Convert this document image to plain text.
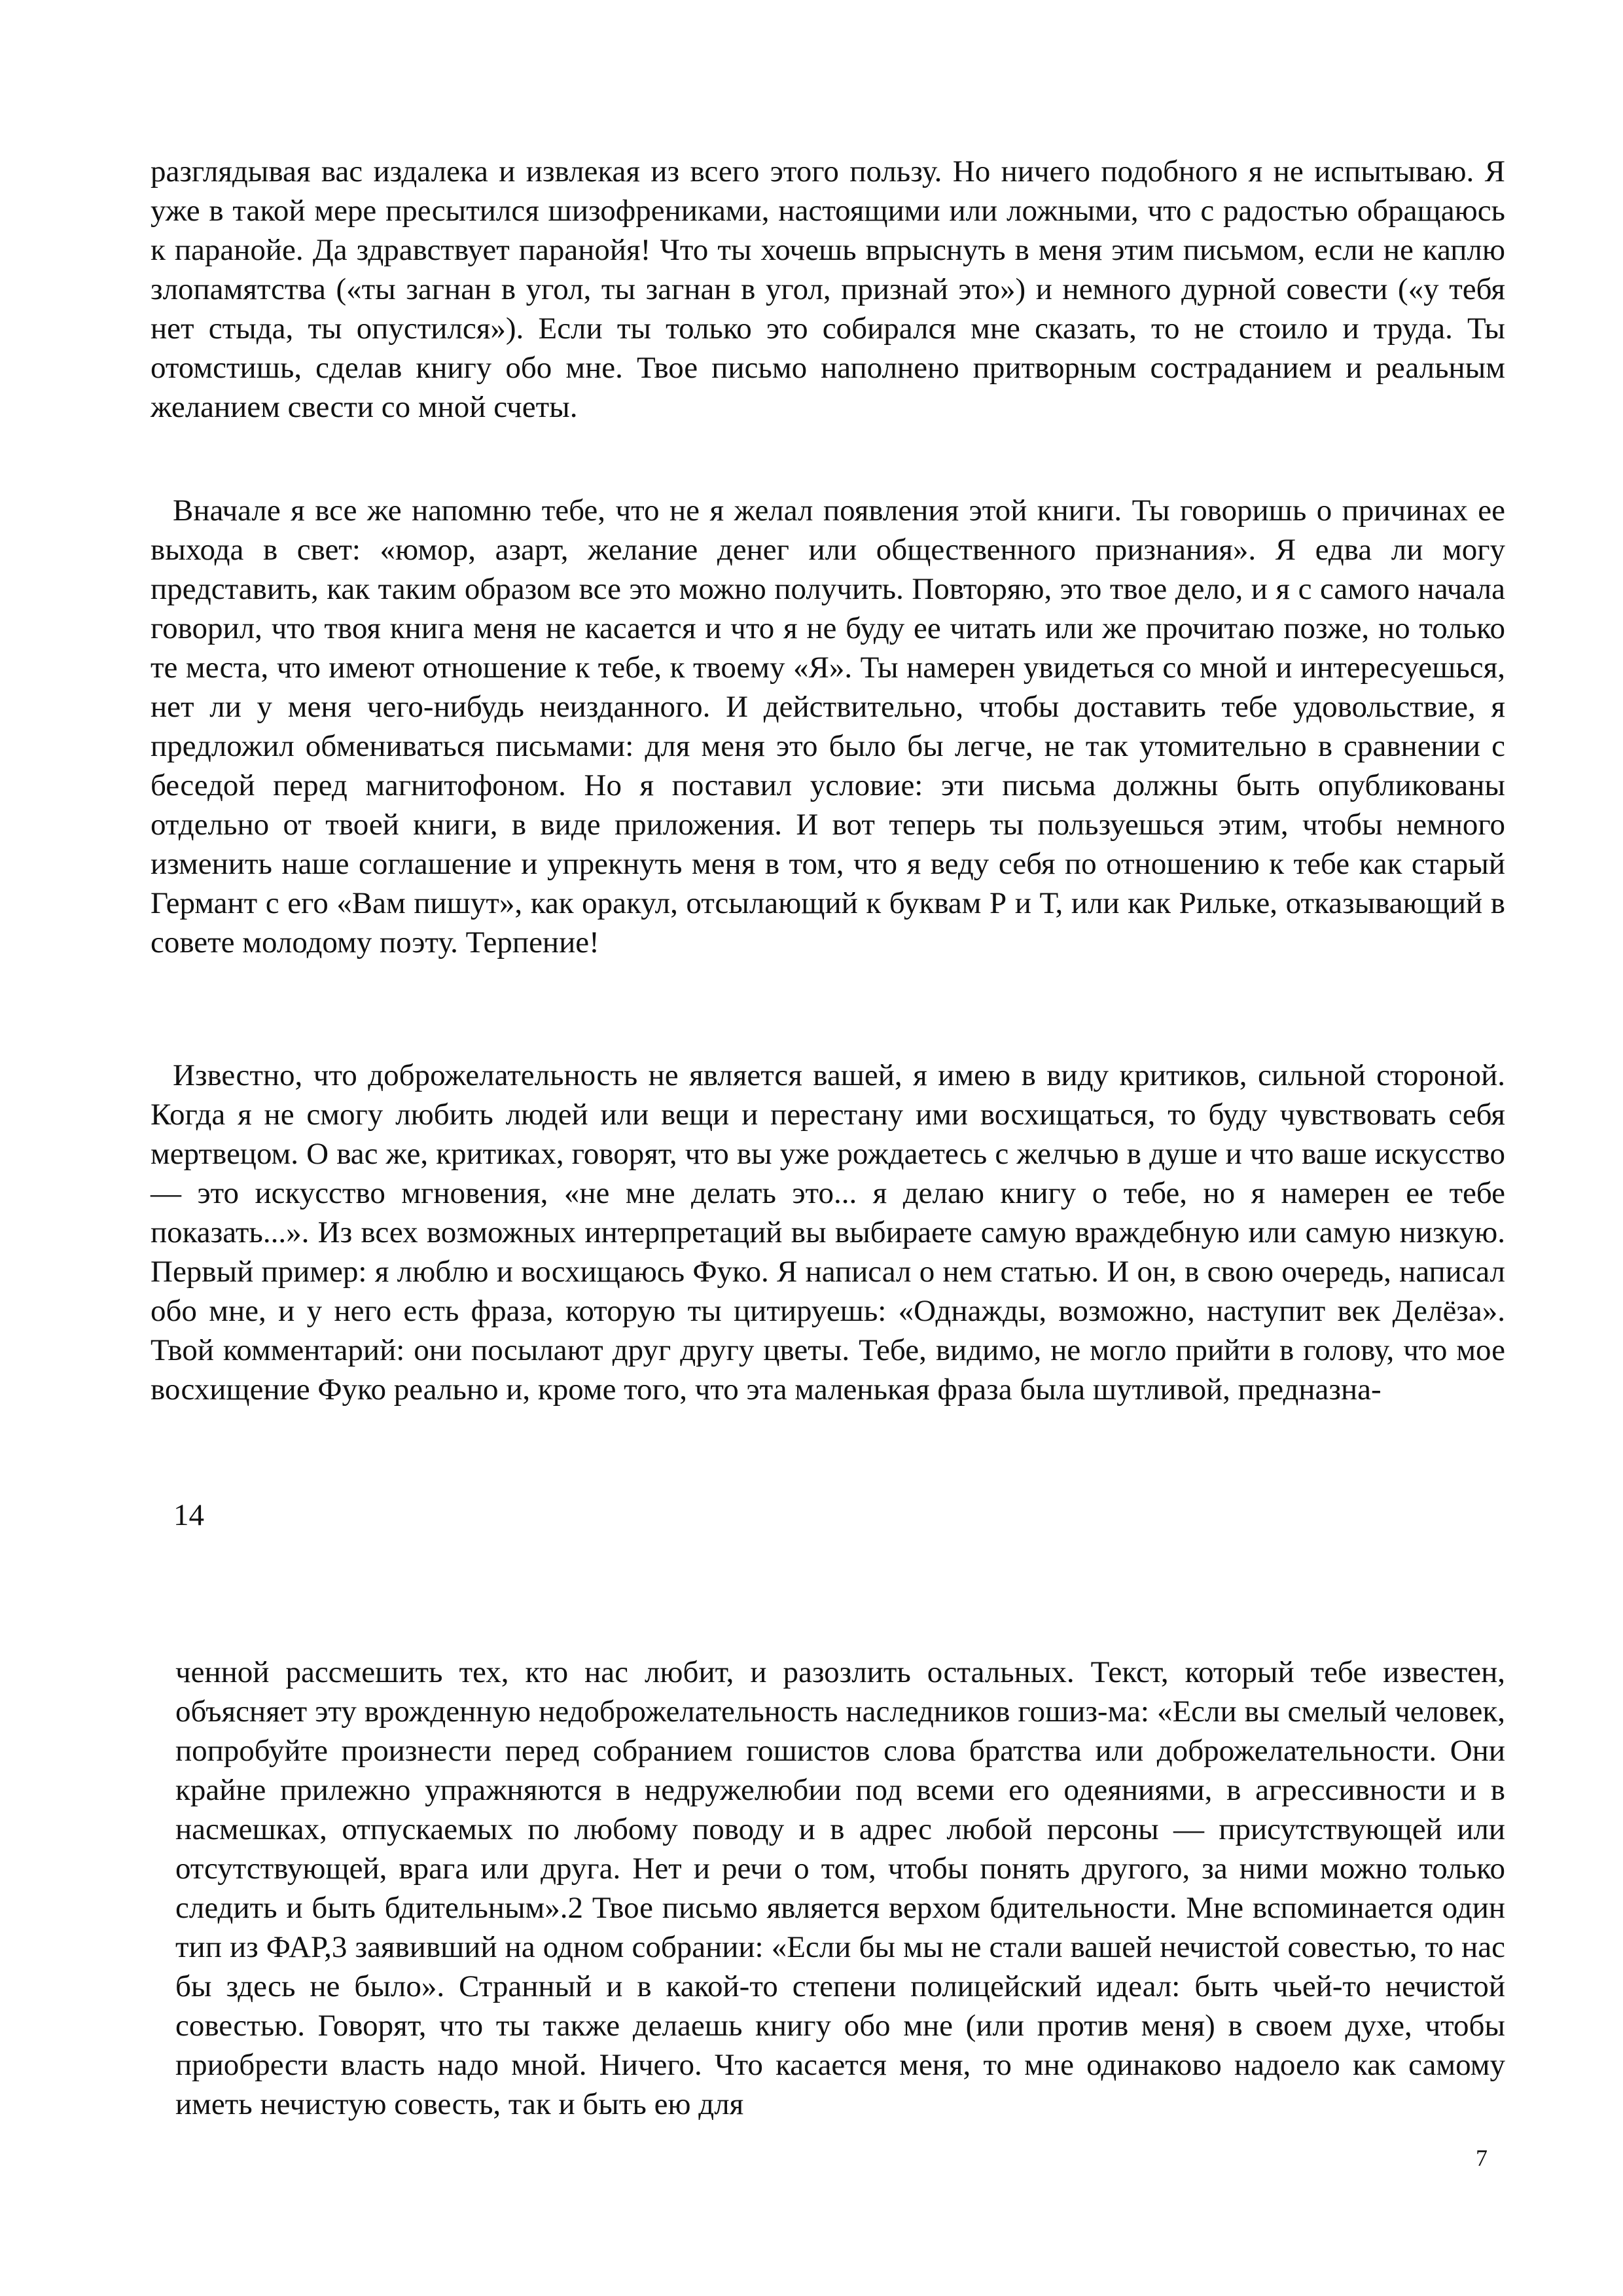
разглядывая вас издалека и извлекая из всего этого пользу. Но ничего подобного я не испытываю. Я уже в такой мере пресытился шизофрениками, настоящими или ложными, что с радостью обращаюсь к паранойе. Да здравствует паранойя! Что ты хочешь впрыснуть в меня этим письмом, если не каплю злопамятства («ты загнан в угол, ты загнан в угол, признай это») и немного дурной совести («у тебя нет стыда, ты опустился»). Если ты только это собирался мне сказать, то не стоило и труда. Ты отомстишь, сделав книгу обо мне. Твое письмо наполнено притворным состраданием и реальным желанием свести со мной счеты.

Вначале я все же напомню тебе, что не я желал появления этой книги. Ты говоришь о причинах ее выхода в свет: «юмор, азарт, желание денег или общественного признания». Я едва ли могу представить, как таким образом все это можно получить. Повторяю, это твое дело, и я с самого начала говорил, что твоя книга меня не касается и что я не буду ее читать или же прочитаю позже, но только те места, что имеют отношение к тебе, к твоему «Я». Ты намерен увидеться со мной и интересуешься, нет ли у меня чего-нибудь неизданного. И действительно, чтобы доставить тебе удовольствие, я предложил обмениваться письмами: для меня это было бы легче, не так утомительно в сравнении с беседой перед магнитофоном. Но я поставил условие: эти письма должны быть опубликованы отдельно от твоей книги, в виде приложения. И вот теперь ты пользуешься этим, чтобы немного изменить наше соглашение и упрекнуть меня в том, что я веду себя по отношению к тебе как старый Германт с его «Вам пишут», как оракул, отсылающий к буквам Р и Т, или как Рильке, отказывающий в совете молодому поэту. Терпение!

Известно, что доброжелательность не является вашей, я имею в виду критиков, сильной стороной. Когда я не смогу любить людей или вещи и перестану ими восхищаться, то буду чувствовать себя мертвецом. О вас же, критиках, говорят, что вы уже рождаетесь с желчью в душе и что ваше искусство — это искусство мгновения, «не мне делать это... я делаю книгу о тебе, но я намерен ее тебе показать...». Из всех возможных интерпретаций вы выбираете самую враждебную или самую низкую. Первый пример: я люблю и восхищаюсь Фуко. Я написал о нем статью. И он, в свою очередь, написал обо мне, и у него есть фраза, которую ты цитируешь: «Однажды, возможно, наступит век Делёза». Твой комментарий: они посылают друг другу цветы. Тебе, видимо, не могло прийти в голову, что мое восхищение Фуко реально и, кроме того, что эта маленькая фраза была шутливой, предназна-

14

ченной рассмешить тех, кто нас любит, и разозлить остальных. Текст, который тебе известен, объясняет эту врожденную недоброжелательность наследников гошиз-ма: «Если вы смелый человек, попробуйте произнести перед собранием гошистов слова братства или доброжелательности. Они крайне прилежно упражняются в недружелюбии под всеми его одеяниями, в агрессивности и в насмешках, отпускаемых по любому поводу и в адрес любой персоны — присутствующей или отсутствующей, врага или друга. Нет и речи о том, чтобы понять другого, за ними можно только следить и быть бдительным».2 Твое письмо является верхом бдительности. Мне вспоминается один тип из ФАР,3 заявивший на одном собрании: «Если бы мы не стали вашей нечистой совестью, то нас бы здесь не было». Странный и в какой-то степени полицейский идеал: быть чьей-то нечистой совестью. Говорят, что ты также делаешь книгу обо мне (или против меня) в своем духе, чтобы приобрести власть надо мной. Ничего. Что касается меня, то мне одинаково надоело как самому иметь нечистую совесть, так и быть ею для

7
